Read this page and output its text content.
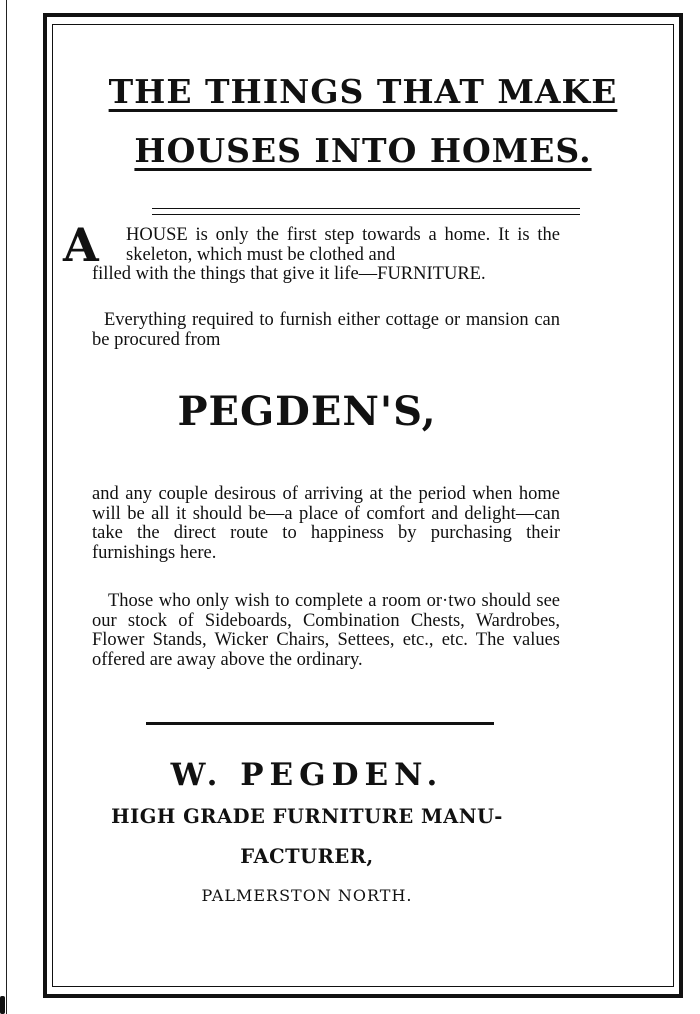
THE THINGS THAT MAKE
HOUSES INTO HOMES.
A HOUSE is only the first step towards a home. It is the skeleton, which must be clothed and
filled with the things that give it life—FURNITURE.
Everything required to furnish either cottage or mansion can be procured from
PEGDEN'S,
and any couple desirous of arriving at the period when home will be all it should be—a place of comfort and delight—can take the direct route to happiness by purchasing their furnishings here.
Those who only wish to complete a room or·two should see our stock of Sideboards, Combination Chests, Wardrobes, Flower Stands, Wicker Chairs, Settees, etc., etc. The values offered are away above the ordinary.
W. PEGDEN.
HIGH GRADE FURNITURE MANU-
FACTURER,
PALMERSTON NORTH.
